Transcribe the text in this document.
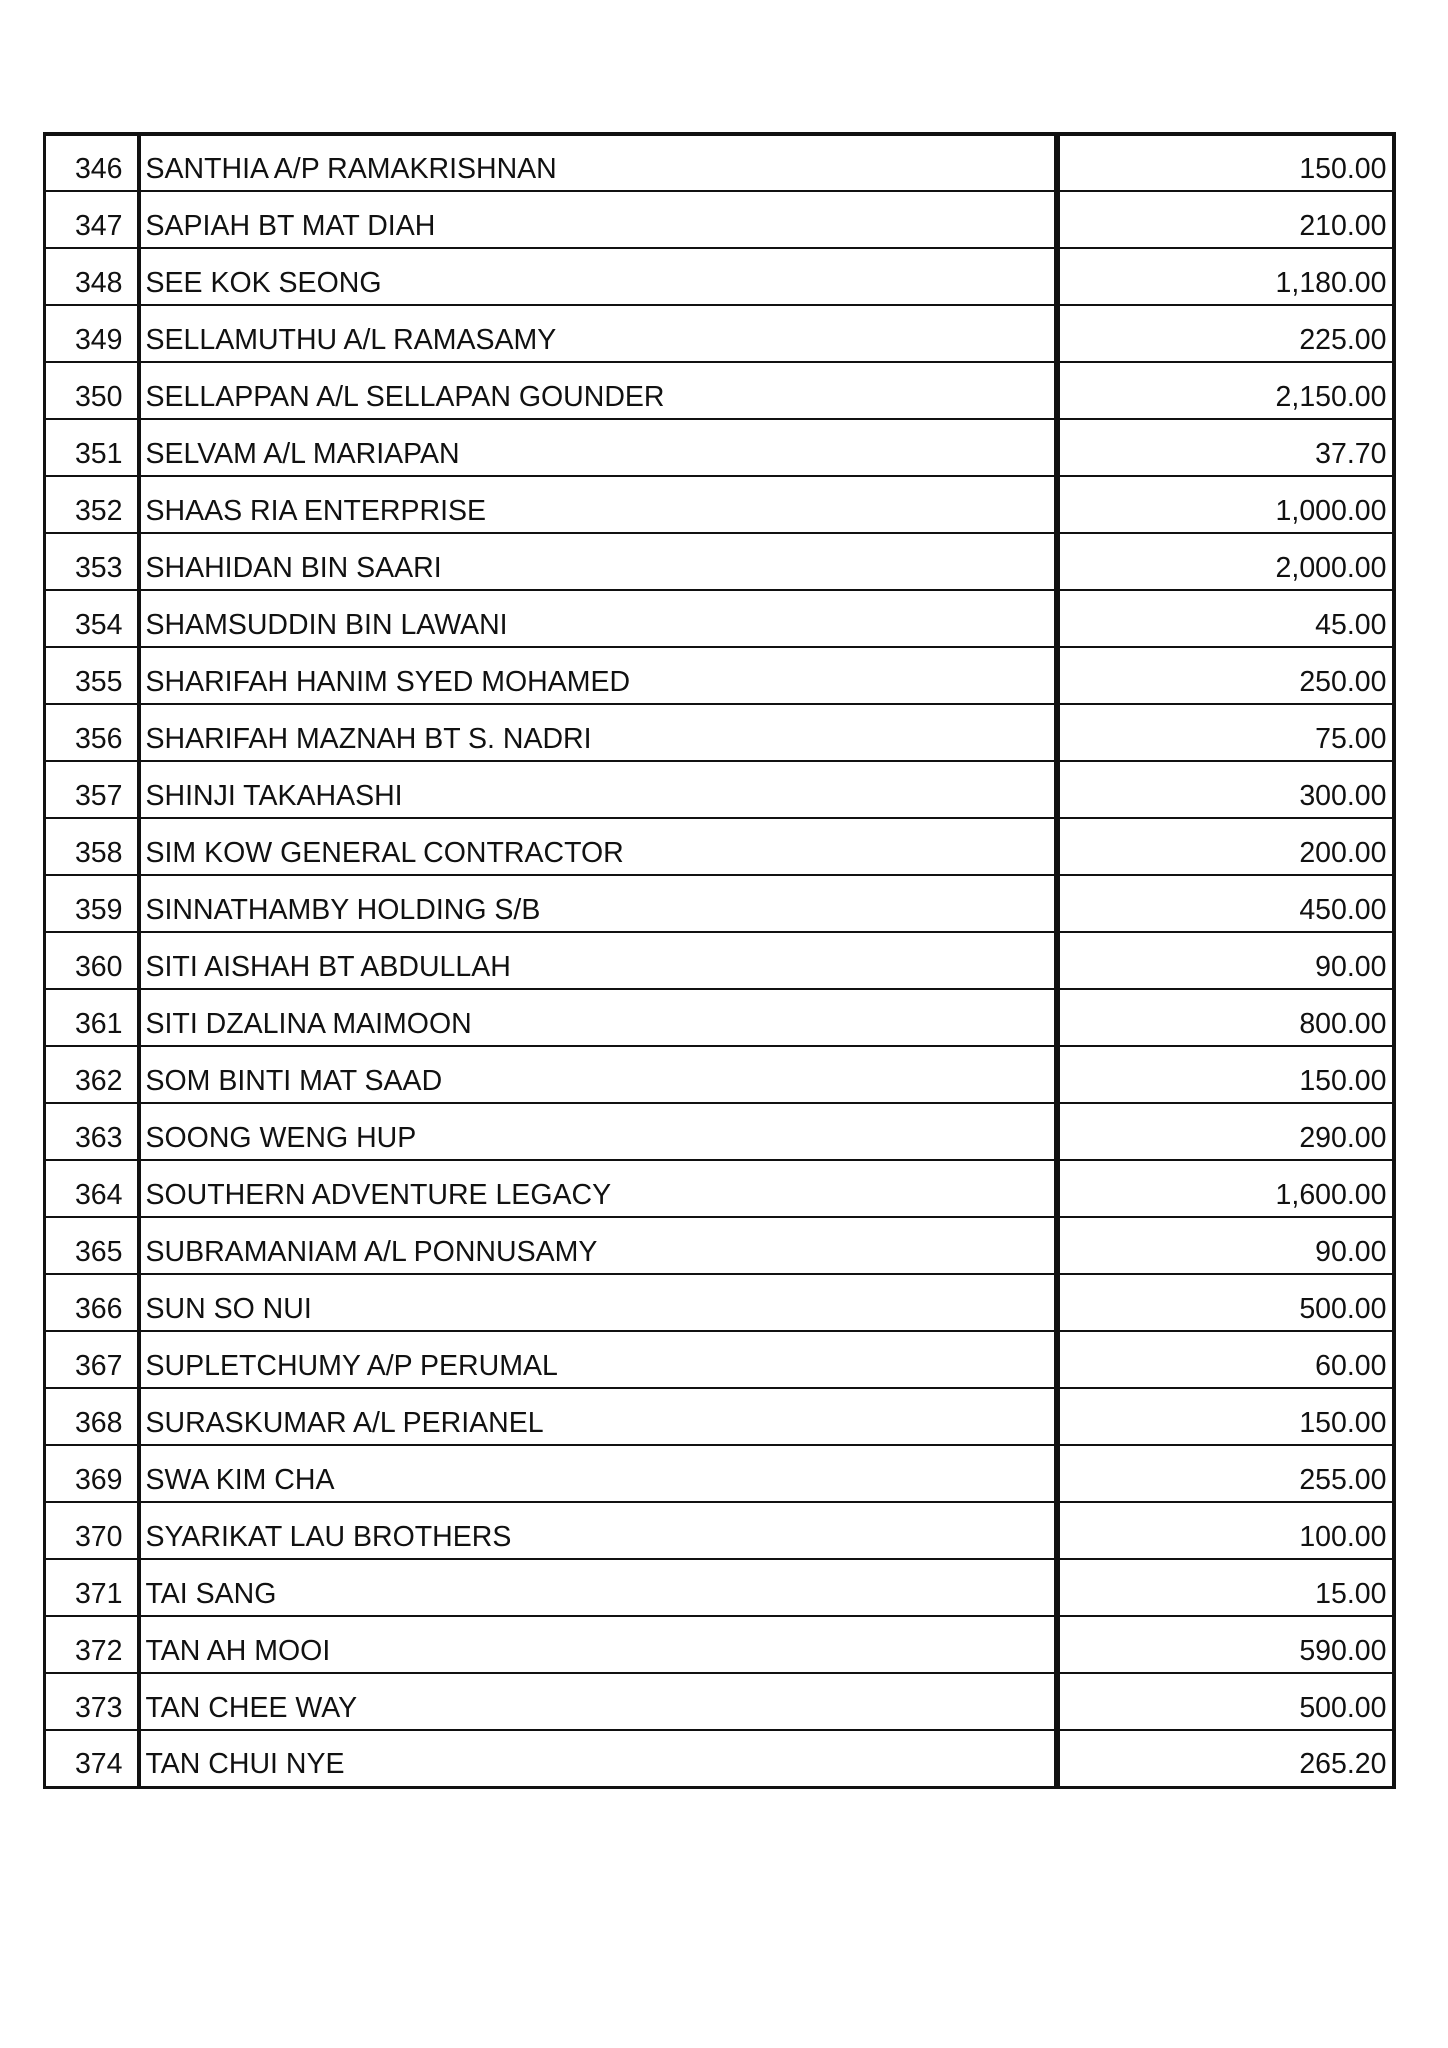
346	SANTHIA A/P RAMAKRISHNAN	150.00
347	SAPIAH BT MAT DIAH	210.00
348	SEE KOK SEONG	1,180.00
349	SELLAMUTHU A/L RAMASAMY	225.00
350	SELLAPPAN A/L SELLAPAN GOUNDER	2,150.00
351	SELVAM A/L MARIAPAN	37.70
352	SHAAS RIA ENTERPRISE	1,000.00
353	SHAHIDAN BIN SAARI	2,000.00
354	SHAMSUDDIN BIN LAWANI	45.00
355	SHARIFAH HANIM SYED MOHAMED	250.00
356	SHARIFAH MAZNAH BT S. NADRI	75.00
357	SHINJI TAKAHASHI	300.00
358	SIM KOW GENERAL CONTRACTOR	200.00
359	SINNATHAMBY HOLDING S/B	450.00
360	SITI AISHAH BT ABDULLAH	90.00
361	SITI DZALINA MAIMOON	800.00
362	SOM BINTI MAT SAAD	150.00
363	SOONG WENG HUP	290.00
364	SOUTHERN ADVENTURE LEGACY	1,600.00
365	SUBRAMANIAM A/L PONNUSAMY	90.00
366	SUN SO NUI	500.00
367	SUPLETCHUMY A/P PERUMAL	60.00
368	SURASKUMAR A/L PERIANEL	150.00
369	SWA KIM CHA	255.00
370	SYARIKAT LAU BROTHERS	100.00
371	TAI SANG	15.00
372	TAN AH MOOI	590.00
373	TAN CHEE WAY	500.00
374	TAN CHUI NYE	265.20
